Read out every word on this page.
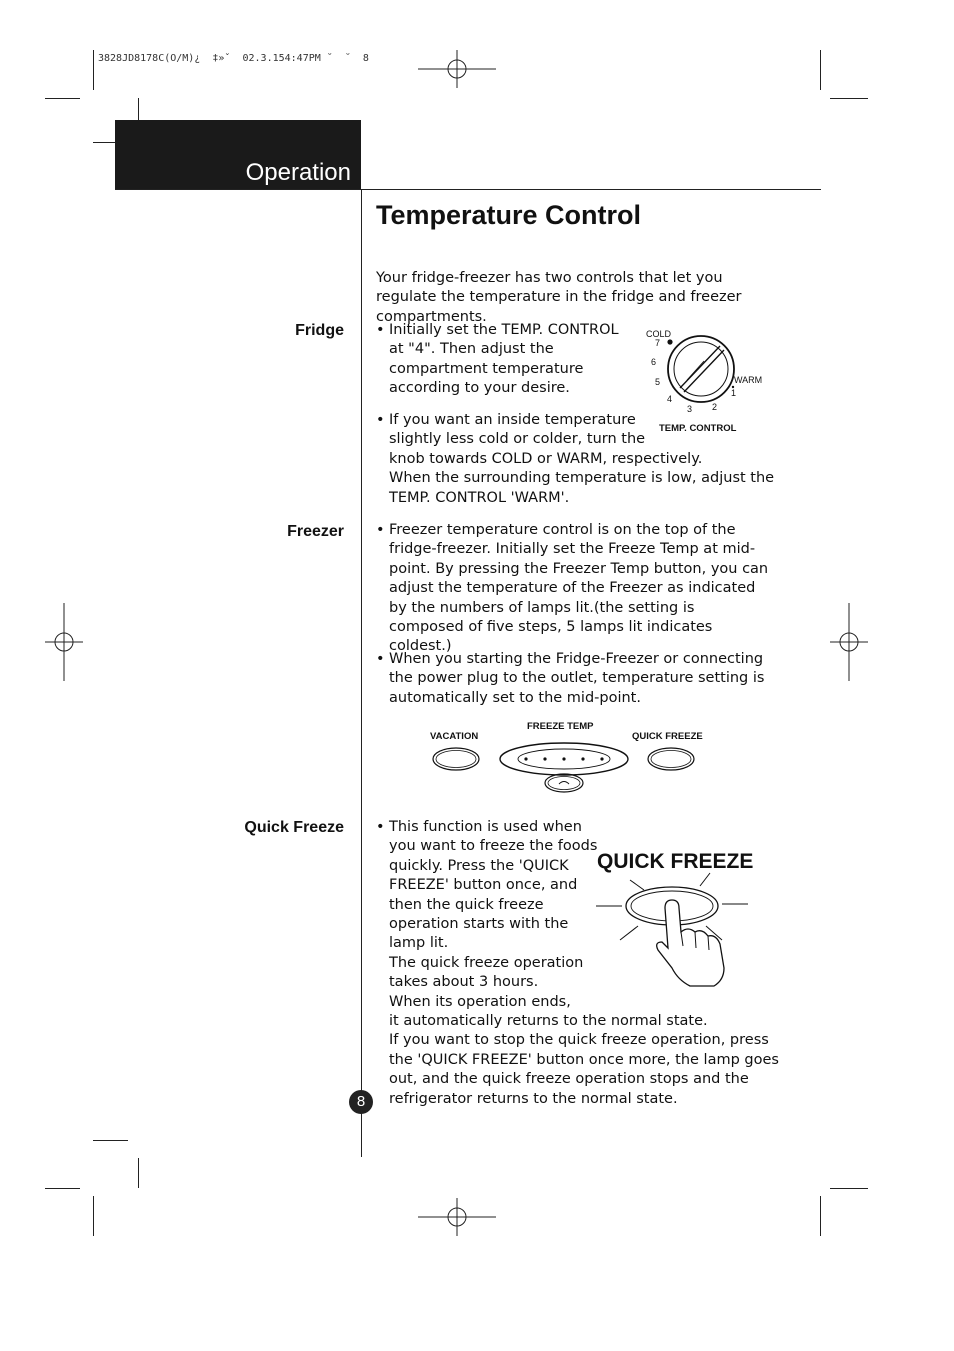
3828JD8178C(O/M)¿  ‡»ˇ  02.3.154:47PM ˘  ˘  8
Operation
Temperature Control
Your fridge-freezer has two controls that let you regulate the temperature in the fridge and freezer compartments.
Fridge	• Initially set the TEMP. CONTROL at "4". Then adjust the compartment temperature according to your desire.
• If you want an inside temperature
slightly less cold or colder, turn the
knob towards COLD or WARM, respectively.
When the surrounding temperature is low, adjust the
TEMP. CONTROL 'WARM'.
COLD
WARM
7
6
5
4
3 2
1
TEMP. CONTROL
Freezer	• Freezer temperature control is on the top of the fridge-freezer. Initially set the Freeze Temp at mid-point. By pressing the Freezer Temp button, you can adjust the temperature of the Freezer as indicated by the numbers of lamps lit.(the setting is composed of five steps, 5 lamps lit indicates coldest.)
• When you starting the Fridge-Freezer or connecting the power plug to the outlet, temperature setting is automatically set to the mid-point.
VACATION
FREEZE TEMP
QUICK FREEZE
Quick Freeze	• This function is used when
you want to freeze the foods
quickly. Press the 'QUICK
FREEZE' button once, and
then the quick freeze
operation starts with the
lamp lit.
The quick freeze operation
takes about 3 hours.
When its operation ends,
it automatically returns to the normal state.
If you want to stop the quick freeze operation, press
the 'QUICK FREEZE' button once more, the lamp goes
out, and the quick freeze operation stops and the
refrigerator returns to the normal state.
QUICK FREEZE
8
